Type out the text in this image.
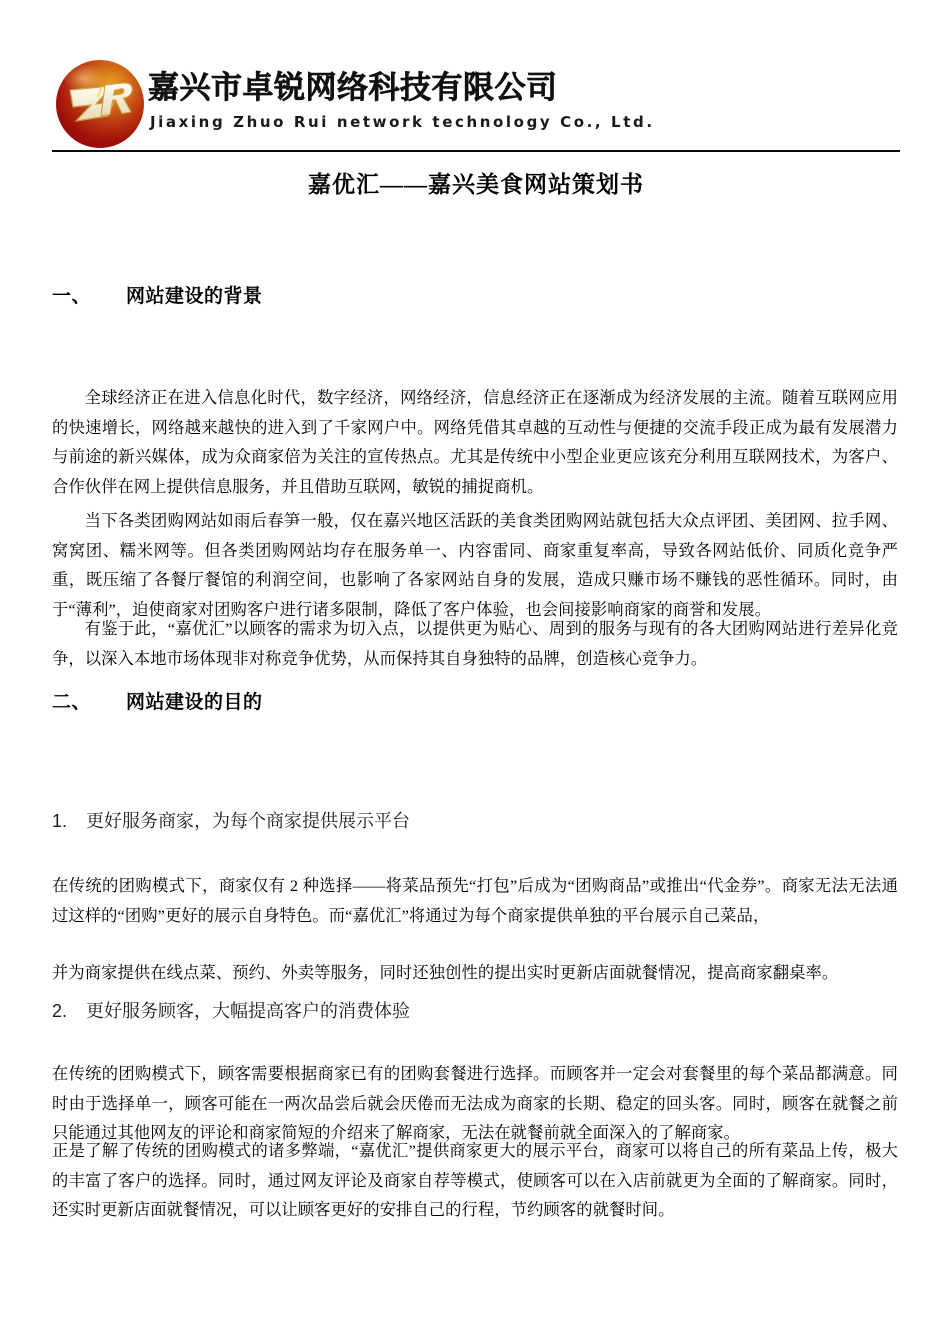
嘉兴市卓锐网络科技有限公司
Jiaxing Zhuo Rui network technology Co., Ltd.
嘉优汇——嘉兴美食网站策划书
一、 网站建设的背景
全球经济正在进入信息化时代，数字经济，网络经济，信息经济正在逐渐成为经济发展的主流。随着互联网应用的快速增长，网络越来越快的进入到了千家网户中。网络凭借其卓越的互动性与便捷的交流手段正成为最有发展潜力与前途的新兴媒体，成为众商家倍为关注的宣传热点。尤其是传统中小型企业更应该充分利用互联网技术，为客户、合作伙伴在网上提供信息服务，并且借助互联网，敏锐的捕捉商机。
当下各类团购网站如雨后春笋一般，仅在嘉兴地区活跃的美食类团购网站就包括大众点评团、美团网、拉手网、窝窝团、糯米网等。但各类团购网站均存在服务单一、内容雷同、商家重复率高，导致各网站低价、同质化竞争严重，既压缩了各餐厅餐馆的利润空间，也影响了各家网站自身的发展，造成只赚市场不赚钱的恶性循环。同时，由于“薄利”，迫使商家对团购客户进行诸多限制，降低了客户体验，也会间接影响商家的商誉和发展。
有鉴于此，“嘉优汇”以顾客的需求为切入点，以提供更为贴心、周到的服务与现有的各大团购网站进行差异化竞争，以深入本地市场体现非对称竞争优势，从而保持其自身独特的品牌，创造核心竞争力。
二、 网站建设的目的
1. 更好服务商家，为每个商家提供展示平台
在传统的团购模式下，商家仅有 2 种选择——将菜品预先“打包”后成为“团购商品”或推出“代金券”。商家无法无法通过这样的“团购”更好的展示自身特色。而“嘉优汇”将通过为每个商家提供单独的平台展示自己菜品，
并为商家提供在线点菜、预约、外卖等服务，同时还独创性的提出实时更新店面就餐情况，提高商家翻桌率。
2. 更好服务顾客，大幅提高客户的消费体验
在传统的团购模式下，顾客需要根据商家已有的团购套餐进行选择。而顾客并一定会对套餐里的每个菜品都满意。同时由于选择单一，顾客可能在一两次品尝后就会厌倦而无法成为商家的长期、稳定的回头客。同时，顾客在就餐之前只能通过其他网友的评论和商家简短的介绍来了解商家，无法在就餐前就全面深入的了解商家。
正是了解了传统的团购模式的诸多弊端，“嘉优汇”提供商家更大的展示平台，商家可以将自己的所有菜品上传，极大的丰富了客户的选择。同时，通过网友评论及商家自荐等模式，使顾客可以在入店前就更为全面的了解商家。同时，还实时更新店面就餐情况，可以让顾客更好的安排自己的行程，节约顾客的就餐时间。
